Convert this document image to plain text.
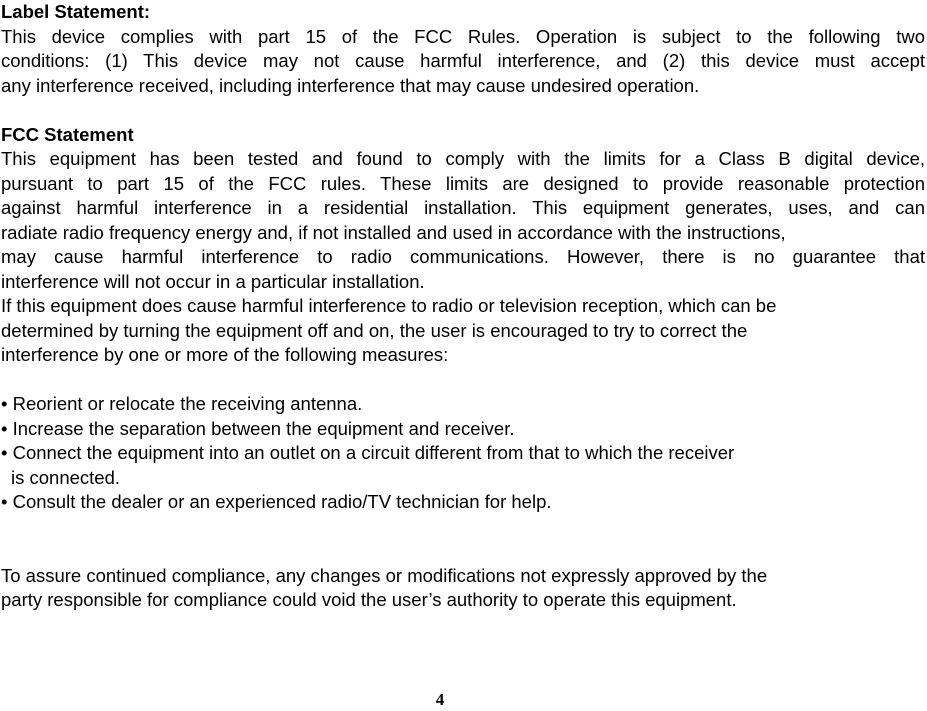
Label Statement:

This device complies with part 15 of the FCC Rules. Operation is subject to the following two
conditions: (1) This device may not cause harmful interference, and (2) this device must accept
any interference received, including interference that may cause undesired operation.

FCC Statement

This equipment has been tested and found to comply with the limits for a Class B digital device,
pursuant to part 15 of the FCC rules. These limits are designed to provide reasonable protection
against harmful interference in a residential installation. This equipment generates, uses, and can
radiate radio frequency energy and, if not installed and used in accordance with the instructions,
may cause harmful interference to radio communications. However, there is no guarantee that
interference will not occur in a particular installation.
If this equipment does cause harmful interference to radio or television reception, which can be
determined by turning the equipment off and on, the user is encouraged to try to correct the
interference by one or more of the following measures:
• Reorient or relocate the receiving antenna.
• Increase the separation between the equipment and receiver.
• Connect the equipment into an outlet on a circuit different from that to which the receiver
is connected.
• Consult the dealer or an experienced radio/TV technician for help.
To assure continued compliance, any changes or modifications not expressly approved by the
party responsible for compliance could void the user’s authority to operate this equipment.
4
